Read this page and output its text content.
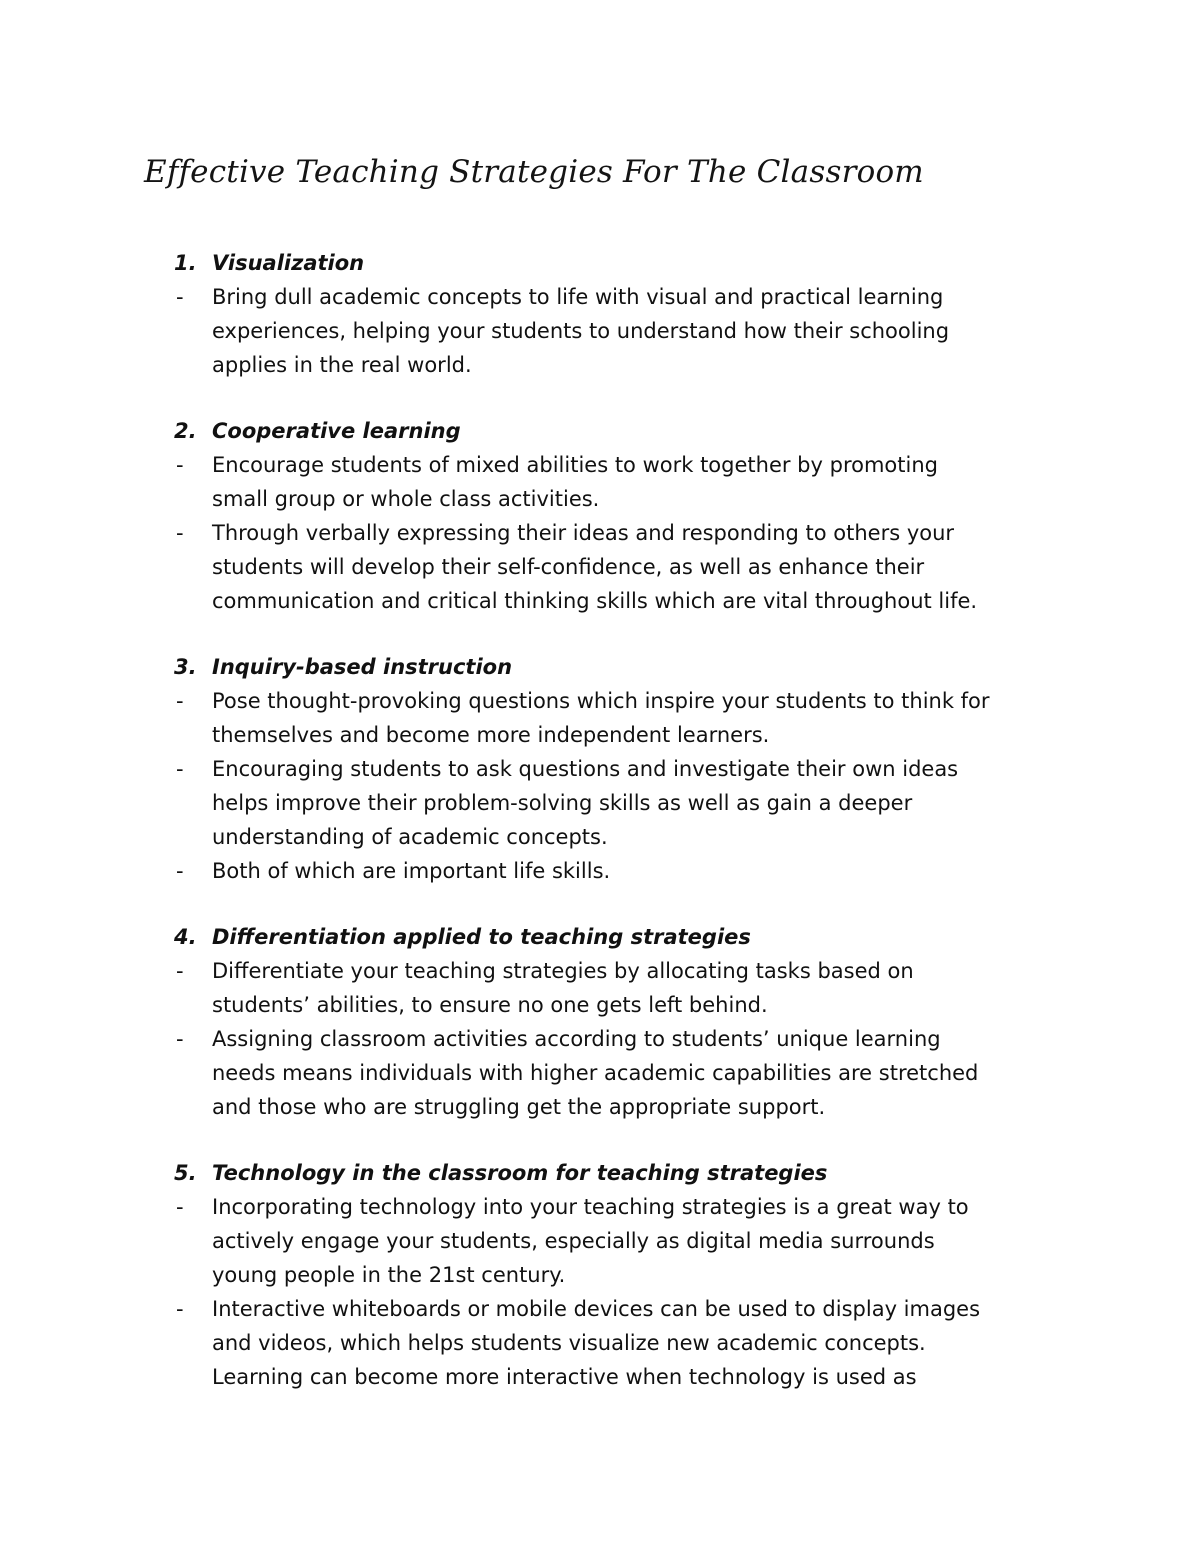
Effective Teaching Strategies For The Classroom
1. Visualization
- Bring dull academic concepts to life with visual and practical learning
experiences, helping your students to understand how their schooling
applies in the real world.
2. Cooperative learning
- Encourage students of mixed abilities to work together by promoting
small group or whole class activities.
- Through verbally expressing their ideas and responding to others your
students will develop their self-confidence, as well as enhance their
communication and critical thinking skills which are vital throughout life.
3. Inquiry-based instruction
- Pose thought-provoking questions which inspire your students to think for
themselves and become more independent learners.
- Encouraging students to ask questions and investigate their own ideas
helps improve their problem-solving skills as well as gain a deeper
understanding of academic concepts.
- Both of which are important life skills.
4. Differentiation applied to teaching strategies
- Differentiate your teaching strategies by allocating tasks based on
students’ abilities, to ensure no one gets left behind.
- Assigning classroom activities according to students’ unique learning
needs means individuals with higher academic capabilities are stretched
and those who are struggling get the appropriate support.
5. Technology in the classroom for teaching strategies
- Incorporating technology into your teaching strategies is a great way to
actively engage your students, especially as digital media surrounds
young people in the 21st century.
- Interactive whiteboards or mobile devices can be used to display images
and videos, which helps students visualize new academic concepts.
Learning can become more interactive when technology is used as
